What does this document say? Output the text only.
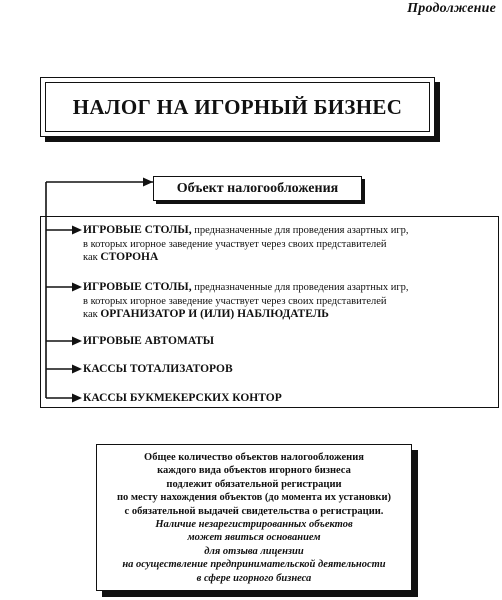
Продолжение
НАЛОГ НА ИГОРНЫЙ БИЗНЕС
Объект налогообложения
ИГРОВЫЕ СТОЛЫ, предназначенные для проведения азартных игр,
в которых игорное заведение участвует через своих представителей
как СТОРОНА
ИГРОВЫЕ СТОЛЫ, предназначенные для проведения азартных игр,
в которых игорное заведение участвует через своих представителей
как ОРГАНИЗАТОР И (ИЛИ) НАБЛЮДАТЕЛЬ
ИГРОВЫЕ АВТОМАТЫ
КАССЫ ТОТАЛИЗАТОРОВ
КАССЫ БУКМЕКЕРСКИХ КОНТОР
Общее количество объектов налогообложения
каждого вида объектов игорного бизнеса
подлежит обязательной регистрации
по месту нахождения объектов (до момента их установки)
с обязательной выдачей свидетельства о регистрации.
Наличие незарегистрированных объектов
может явиться основанием
для отзыва лицензии
на осуществление предпринимательской деятельности
в сфере игорного бизнеса
